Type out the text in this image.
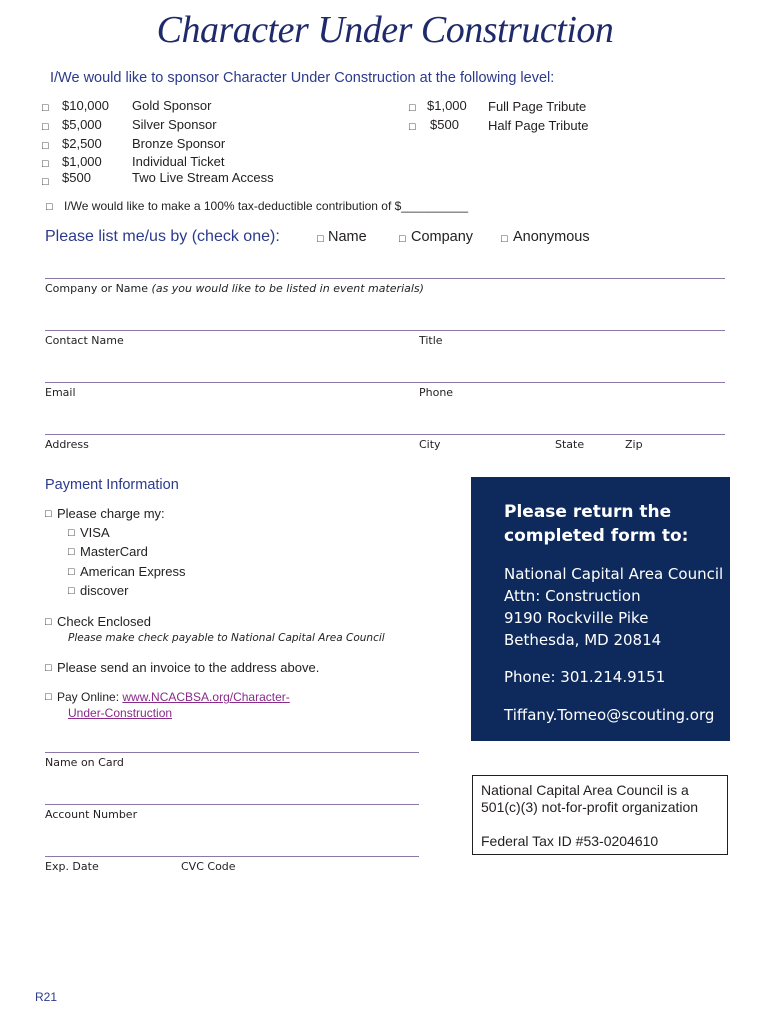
Character Under Construction
I/We would like to sponsor Character Under Construction at the following level:
□ $10,000 Gold Sponsor
□ $5,000 Silver Sponsor
□ $2,500 Bronze Sponsor
□ $1,000 Individual Ticket
□ $500	Two Live Stream Access
□ $1,000 Full Page Tribute
□ $500 Half Page Tribute
□ I/We would like to make a 100% tax-deductible contribution of $__________
Please list me/us by (check one):	□ Name	□ Company	□ Anonymous
Company or Name (as you would like to be listed in event materials)
Contact Name	Title
Email	Phone
Address	City	State	Zip
Payment Information
□ Please charge my:
□ VISA
□ MasterCard
□ American Express
□ discover
□ Check Enclosed
Please make check payable to National Capital Area Council
□ Please send an invoice to the address above.
□ Pay Online: www.NCACBSA.org/Character-
Under-Construction
Name on Card
Account Number
Exp. Date	CVC Code
Please return the
completed form to:
National Capital Area Council
Attn: Construction
9190 Rockville Pike
Bethesda, MD 20814
Phone: 301.214.9151
Tiffany.Tomeo@scouting.org
National Capital Area Council is a
501(c)(3) not-for-profit organization
Federal Tax ID #53-0204610
R21
